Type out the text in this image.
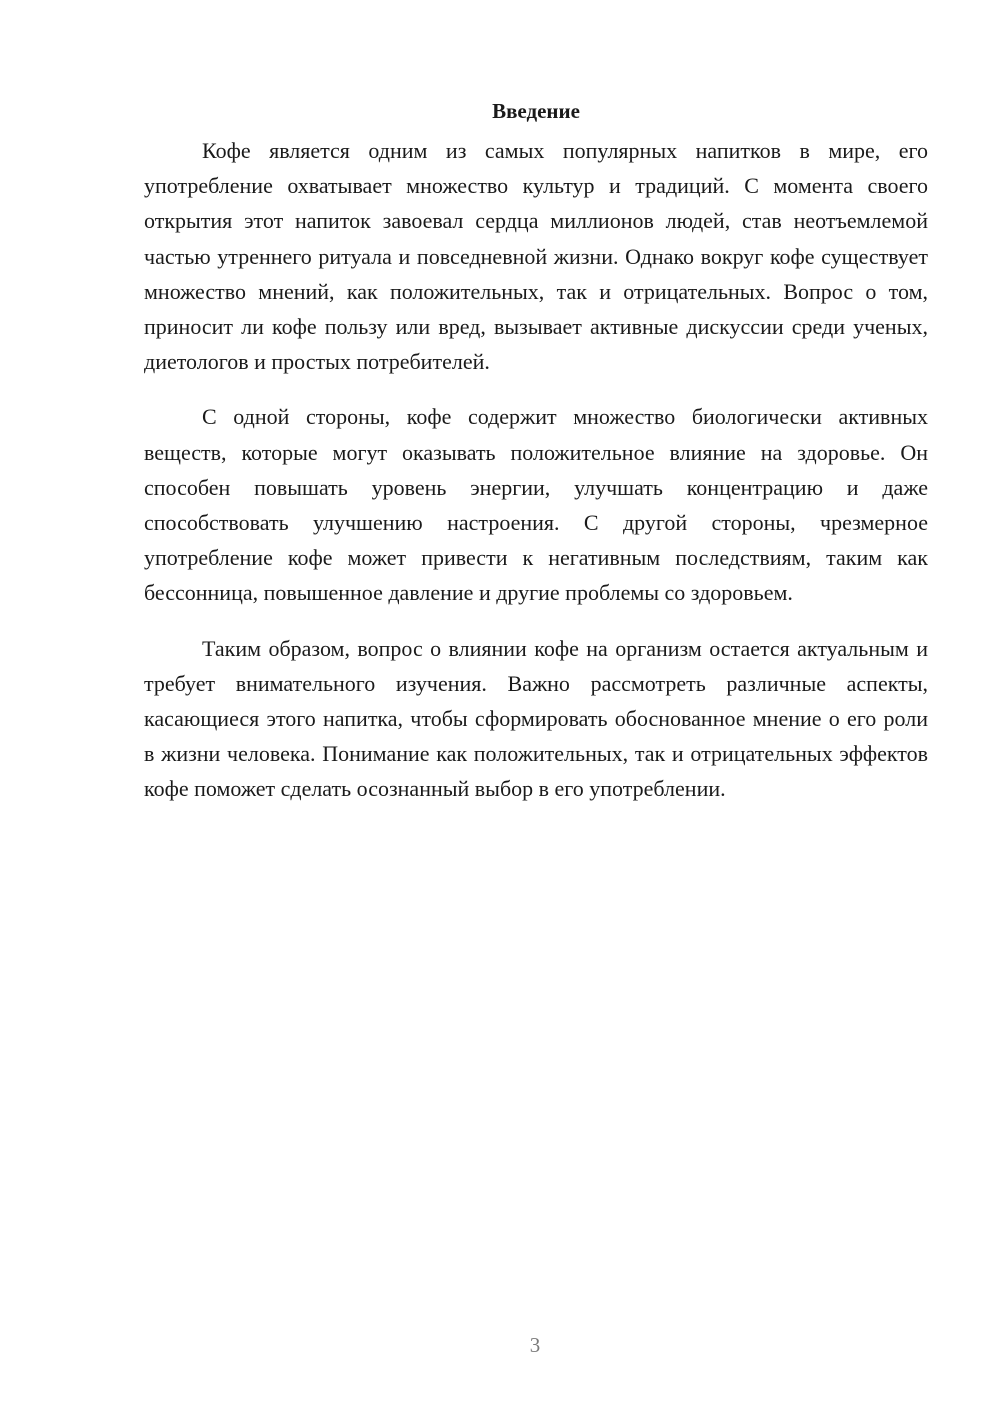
Введение

Кофе является одним из самых популярных напитков в мире, его употребление охватывает множество культур и традиций. С момента своего открытия этот напиток завоевал сердца миллионов людей, став неотъемлемой частью утреннего ритуала и повседневной жизни. Однако вокруг кофе существует множество мнений, как положительных, так и отрицательных. Вопрос о том, приносит ли кофе пользу или вред, вызывает активные дискуссии среди ученых, диетологов и простых потребителей.

С одной стороны, кофе содержит множество биологически активных веществ, которые могут оказывать положительное влияние на здоровье. Он способен повышать уровень энергии, улучшать концентрацию и даже способствовать улучшению настроения. С другой стороны, чрезмерное употребление кофе может привести к негативным последствиям, таким как бессонница, повышенное давление и другие проблемы со здоровьем.

Таким образом, вопрос о влиянии кофе на организм остается актуальным и требует внимательного изучения. Важно рассмотреть различные аспекты, касающиеся этого напитка, чтобы сформировать обоснованное мнение о его роли в жизни человека. Понимание как положительных, так и отрицательных эффектов кофе поможет сделать осознанный выбор в его употреблении.

3
